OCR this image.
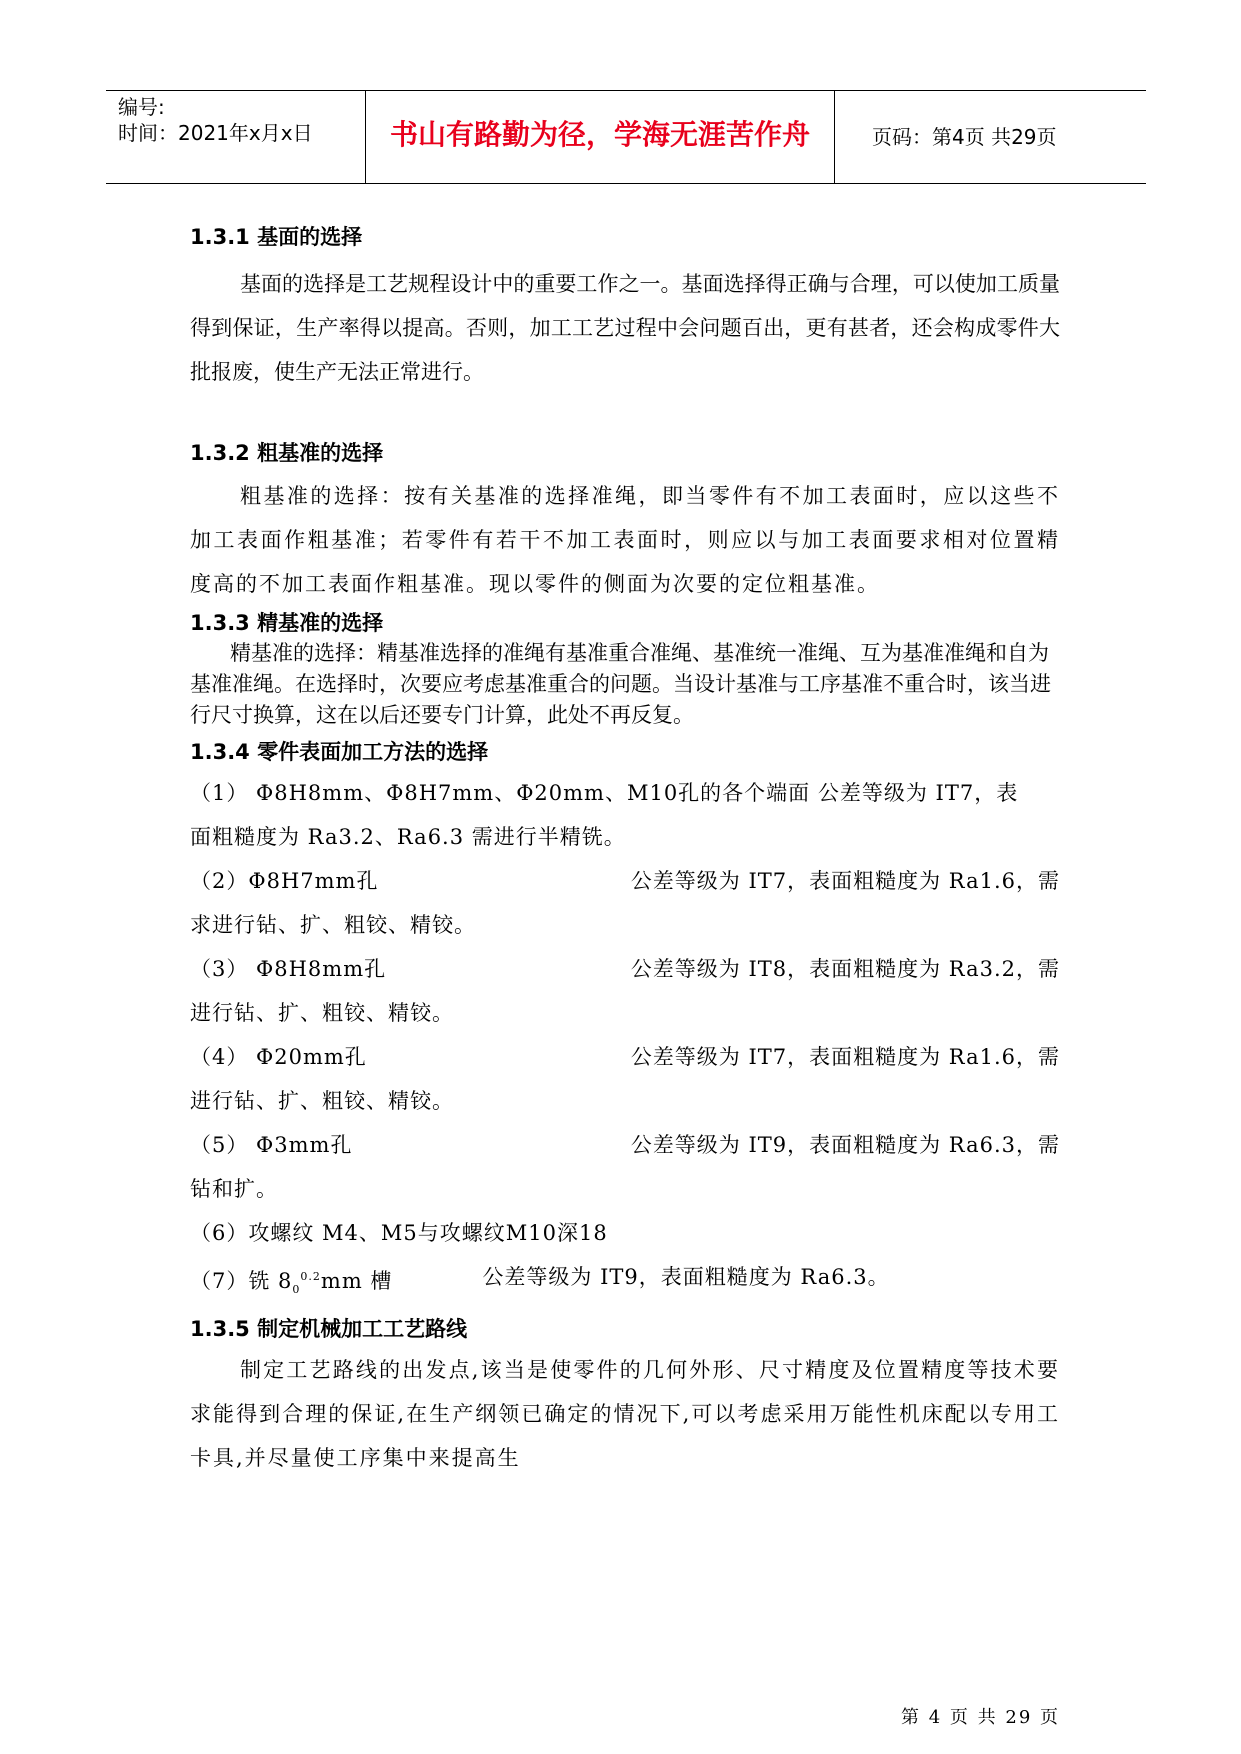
编号:
时间：2021年x月x日	书山有路勤为径，学海无涯苦作舟	页码：第4页 共29页
1.3.1 基面的选择
基面的选择是工艺规程设计中的重要工作之一。基面选择得正确与合理，可以使加工质量得到保证，生产率得以提高。否则，加工工艺过程中会问题百出，更有甚者，还会构成零件大批报废，使生产无法正常进行。
1.3.2 粗基准的选择
粗基准的选择：按有关基准的选择准绳，即当零件有不加工表面时，应以这些不加工表面作粗基准；若零件有若干不加工表面时，则应以与加工表面要求相对位置精度高的不加工表面作粗基准。现以零件的侧面为次要的定位粗基准。
1.3.3 精基准的选择
精基准的选择：精基准选择的准绳有基准重合准绳、基准统一准绳、互为基准准绳和自为基准准绳。在选择时，次要应考虑基准重合的问题。当设计基准与工序基准不重合时，该当进行尺寸换算，这在以后还要专门计算，此处不再反复。
1.3.4 零件表面加工方法的选择
（1） Φ8H8mm、Φ8H7mm、Φ20mm、M10孔的各个端面 公差等级为 IT7，表
面粗糙度为 Ra3.2、Ra6.3 需进行半精铣。
（2）Φ8H7mm孔	公差等级为 IT7，表面粗糙度为 Ra1.6，需
求进行钻、扩、粗铰、精铰。
（3） Φ8H8mm孔	公差等级为 IT8，表面粗糙度为 Ra3.2，需
进行钻、扩、粗铰、精铰。
（4） Φ20mm孔	公差等级为 IT7，表面粗糙度为 Ra1.6，需
进行钻、扩、粗铰、精铰。
（5） Φ3mm孔	公差等级为 IT9，表面粗糙度为 Ra6.3，需
钻和扩。
（6）攻螺纹 M4、M5与攻螺纹M10深18
（7）铣 $8_0^{0.2}mm$ 槽	公差等级为 IT9，表面粗糙度为 Ra6.3。
1.3.5 制定机械加工工艺路线
制定工艺路线的出发点,该当是使零件的几何外形、尺寸精度及位置精度等技术要求能得到合理的保证,在生产纲领已确定的情况下,可以考虑采用万能性机床配以专用工卡具,并尽量使工序集中来提高生
第 4 页 共 29 页
